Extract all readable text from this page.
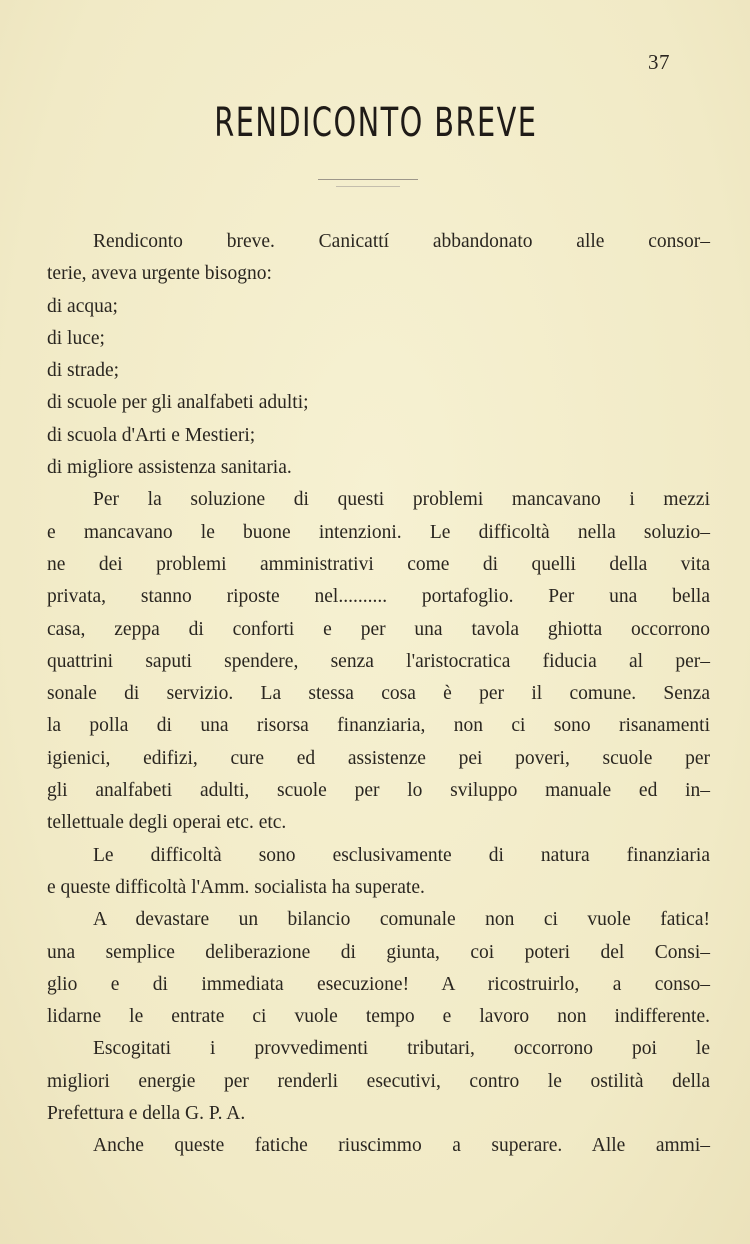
37
RENDICONTO BREVE
Rendiconto breve. Canicattí abbandonato alle consor–
terie, aveva urgente bisogno:
di acqua;
di luce;
di strade;
di scuole per gli analfabeti adulti;
di scuola d'Arti e Mestieri;
di migliore assistenza sanitaria.
Per la soluzione di questi problemi mancavano i mezzi
e mancavano le buone intenzioni. Le difficoltà nella soluzio–
ne dei problemi amministrativi come di quelli della vita
privata, stanno riposte nel.......... portafoglio. Per una bella
casa, zeppa di conforti e per una tavola ghiotta occorrono
quattrini saputi spendere, senza l'aristocratica fiducia al per–
sonale di servizio. La stessa cosa è per il comune. Senza
la polla di una risorsa finanziaria, non ci sono risanamenti
igienici, edifizi, cure ed assistenze pei poveri, scuole per
gli analfabeti adulti, scuole per lo sviluppo manuale ed in–
tellettuale degli operai etc. etc.
Le difficoltà sono esclusivamente di natura finanziaria
e queste difficoltà l'Amm. socialista ha superate.
A devastare un bilancio comunale non ci vuole fatica!
una semplice deliberazione di giunta, coi poteri del Consi–
glio e di immediata esecuzione! A ricostruirlo, a conso–
lidarne le entrate ci vuole tempo e lavoro non indifferente.
Escogitati i provvedimenti tributari, occorrono poi le
migliori energie per renderli esecutivi, contro le ostilità della
Prefettura e della G. P. A.
Anche queste fatiche riuscimmo a superare. Alle ammi–
